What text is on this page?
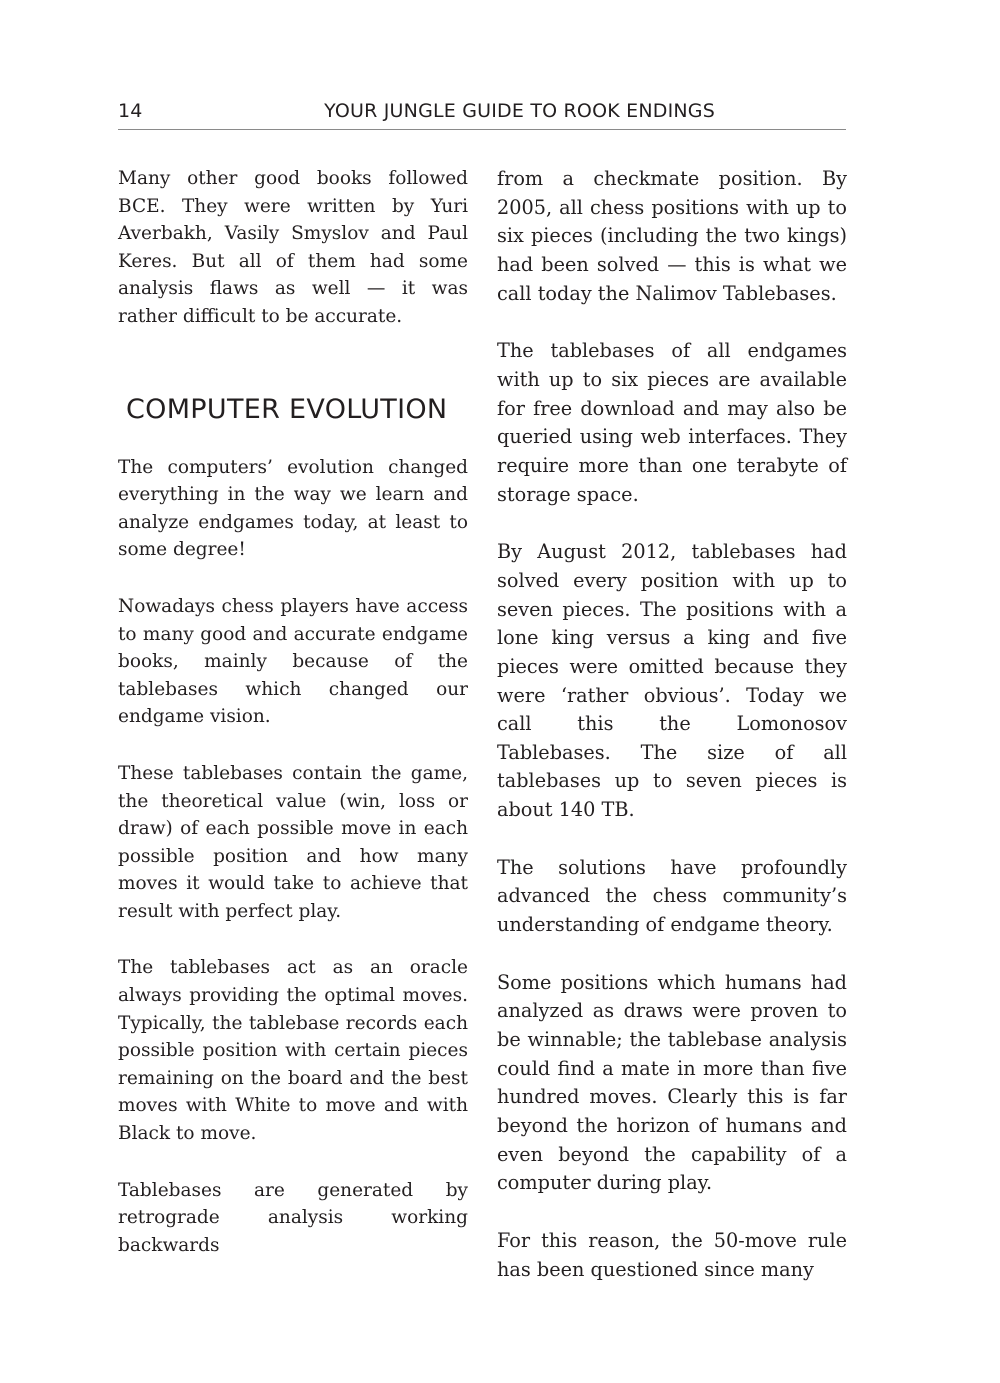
14	YOUR JUNGLE GUIDE TO ROOK ENDINGS

Many other good books followed BCE. They were written by Yuri Averbakh, Vasily Smyslov and Paul Keres. But all of them had some analysis flaws as well — it was rather difficult to be accurate.

COMPUTER EVOLUTION

The computers’ evolution changed everything in the way we learn and analyze endgames today, at least to some degree!

Nowadays chess players have access to many good and accurate endgame books, mainly because of the tablebases which changed our endgame vision.

These tablebases contain the game, the theoretical value (win, loss or draw) of each possible move in each possible position and how many moves it would take to achieve that result with perfect play.

The tablebases act as an oracle always providing the optimal moves. Typically, the tablebase records each possible position with certain pieces remaining on the board and the best moves with White to move and with Black to move.

Tablebases are generated by retrograde analysis working backwards

from a checkmate position. By 2005, all chess positions with up to six pieces (including the two kings) had been solved — this is what we call today the Nalimov Tablebases.

The tablebases of all endgames with up to six pieces are available for free download and may also be queried using web interfaces. They require more than one terabyte of storage space.

By August 2012, tablebases had solved every position with up to seven pieces. The positions with a lone king versus a king and five pieces were omitted because they were ‘rather obvious’. Today we call this the Lomonosov Tablebases. The size of all tablebases up to seven pieces is about 140 TB.

The solutions have profoundly advanced the chess community’s understanding of endgame theory.

Some positions which humans had analyzed as draws were proven to be winnable; the tablebase analysis could find a mate in more than five hundred moves. Clearly this is far beyond the horizon of humans and even beyond the capability of a computer during play.

For this reason, the 50-move rule has been questioned since many
